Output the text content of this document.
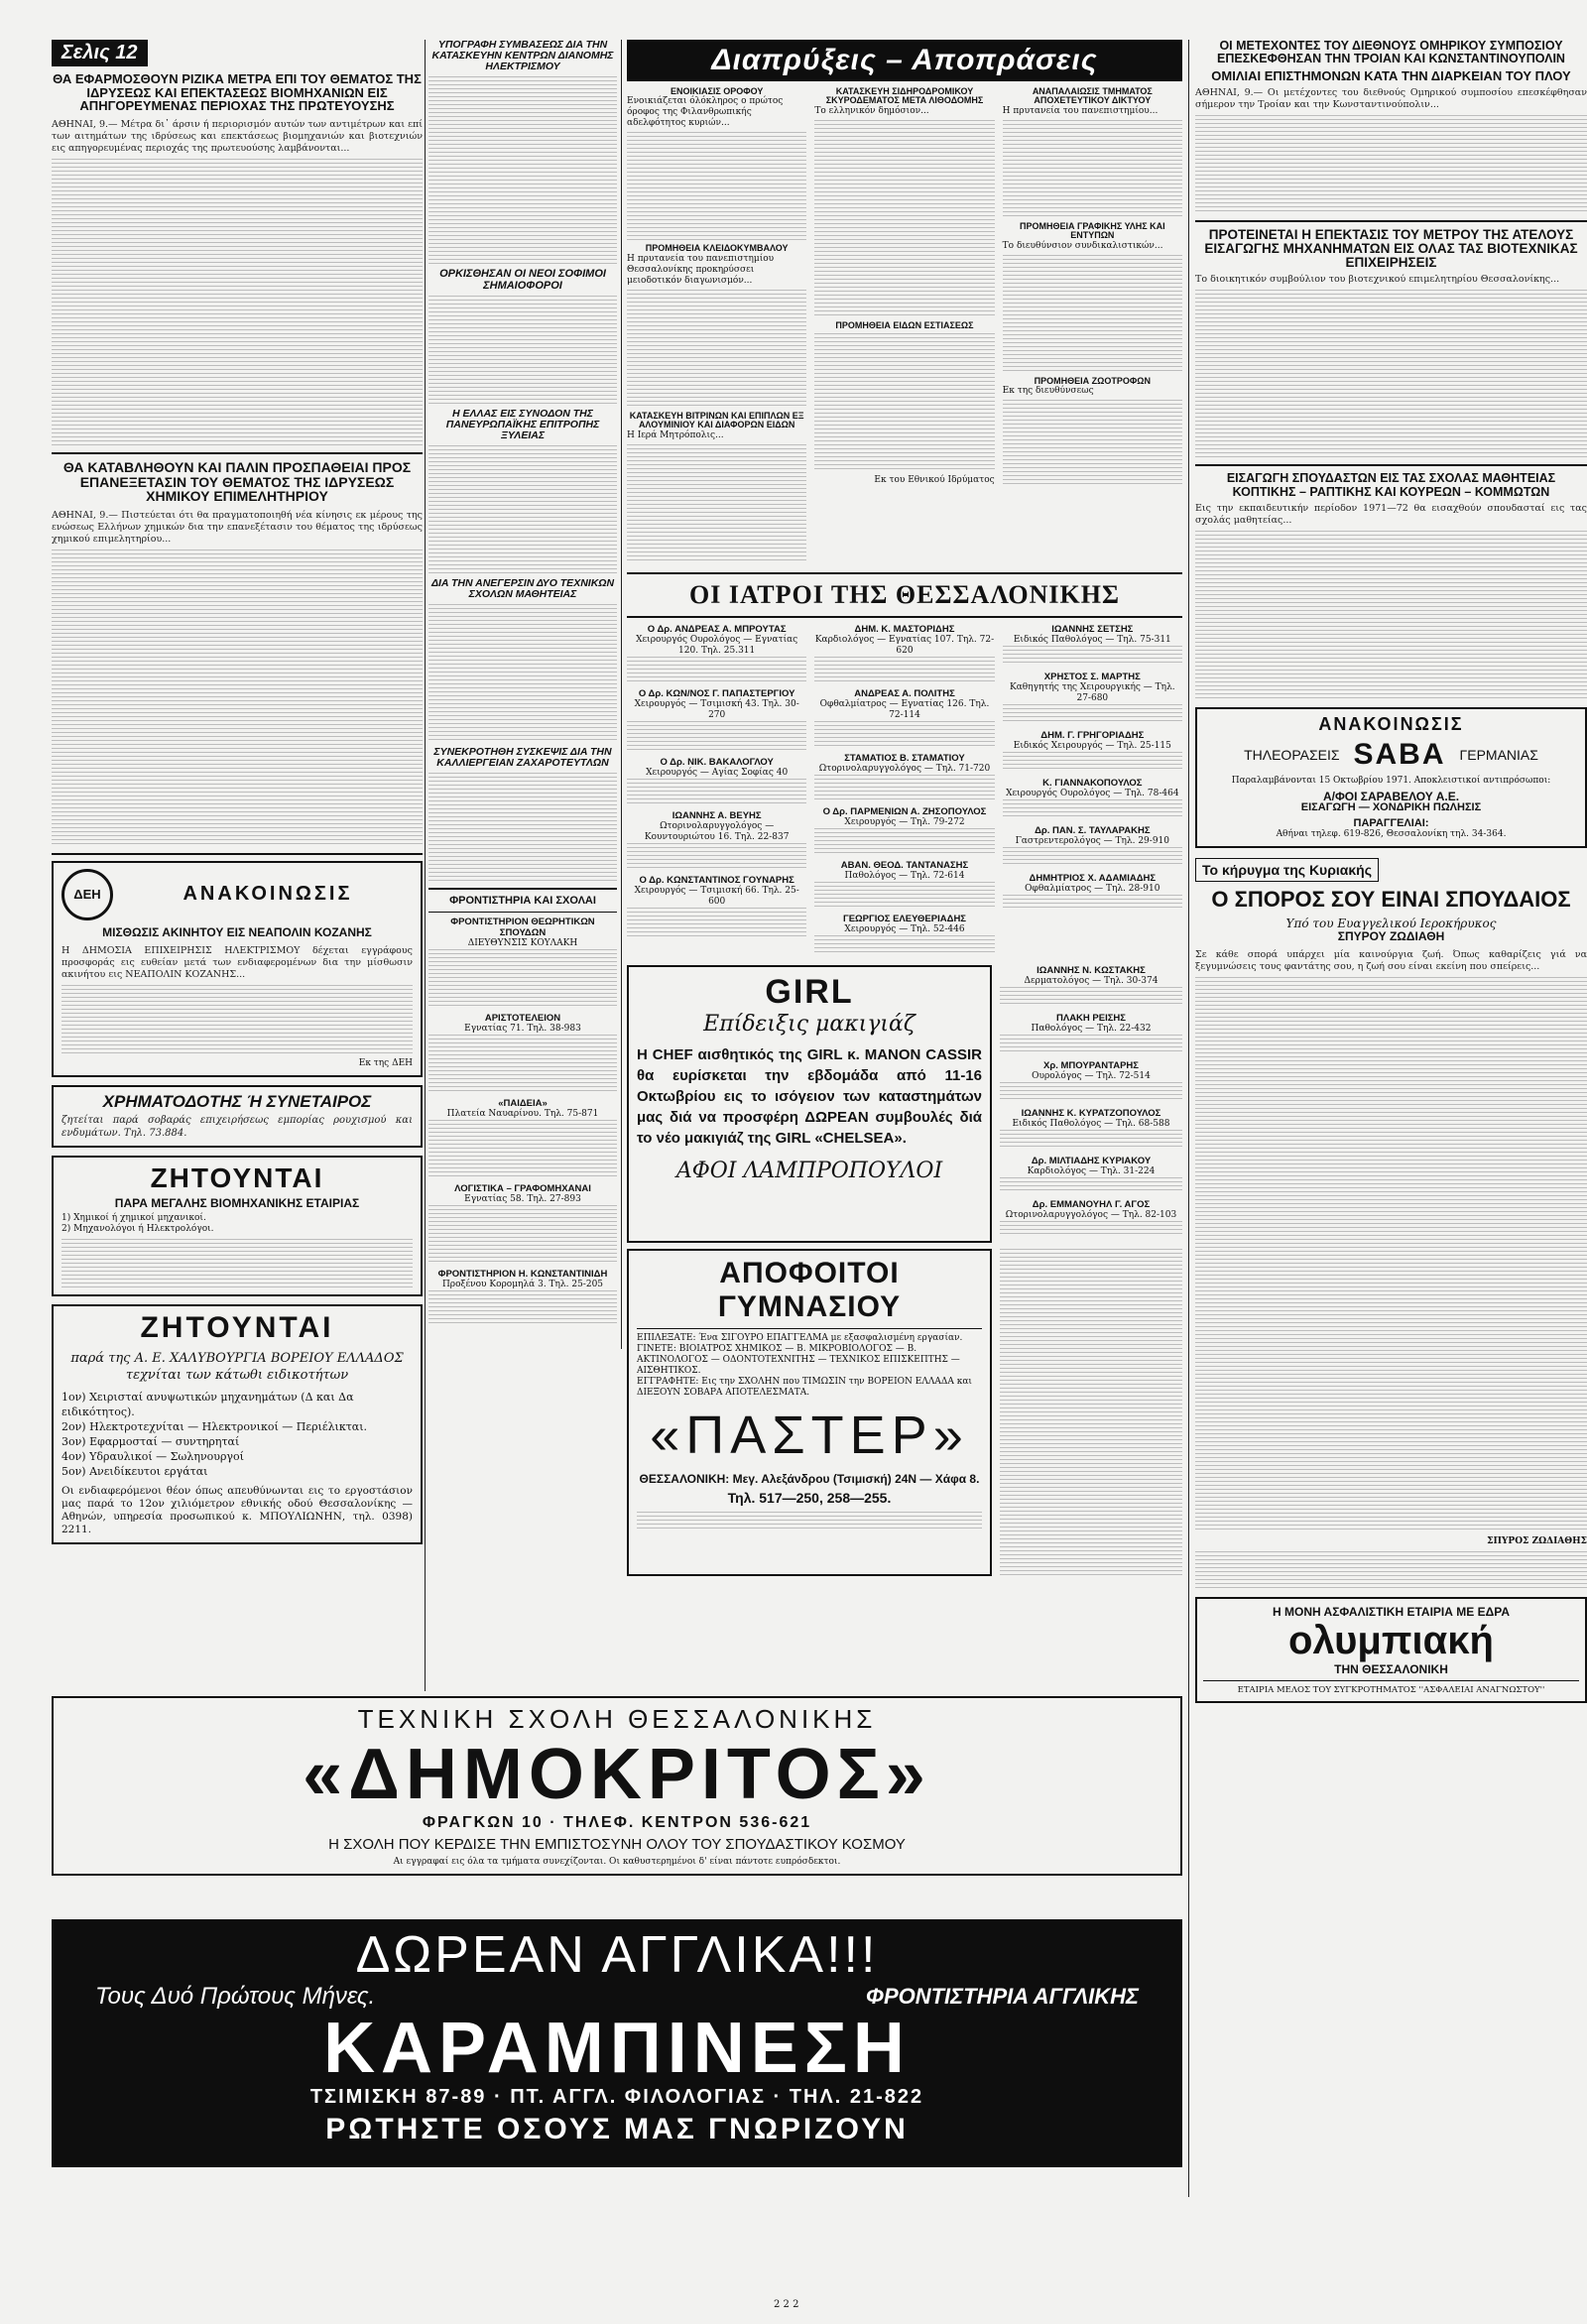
Σελις 12
ΘΑ ΕΦΑΡΜΟΣΘΟΥΝ ΡΙΖΙΚΑ ΜΕΤΡΑ ΕΠΙ ΤΟΥ ΘΕΜΑΤΟΣ ΤΗΣ ΙΔΡΥΣΕΩΣ ΚΑΙ ΕΠΕΚΤΑΣΕΩΣ ΒΙΟΜΗΧΑΝΙΩΝ ΕΙΣ ΑΠΗΓΟΡΕΥΜΕΝΑΣ ΠΕΡΙΟΧΑΣ ΤΗΣ ΠΡΩΤΕΥΟΥΣΗΣ
ΑΘΗΝΑΙ, 9.— Μέτρα δι᾽ άρσιν ή περιορισμόν αυτών των αντιμέτρων και επί των αιτημάτων της ιδρύσεως και επεκτάσεως βιομηχανιών και βιοτεχνιών εις απηγορευμένας περιοχάς της πρωτευούσης λαμβάνονται...
ΘΑ ΚΑΤΑΒΛΗΘΟΥΝ ΚΑΙ ΠΑΛΙΝ ΠΡΟΣΠΑΘΕΙΑΙ ΠΡΟΣ ΕΠΑΝΕΞΕΤΑΣΙΝ ΤΟΥ ΘΕΜΑΤΟΣ ΤΗΣ ΙΔΡΥΣΕΩΣ ΧΗΜΙΚΟΥ ΕΠΙΜΕΛΗΤΗΡΙΟΥ
ΑΘΗΝΑΙ, 9.— Πιστεύεται ότι θα πραγματοποιηθή νέα κίνησις εκ μέρους της ενώσεως Ελλήνων χημικών δια την επανεξέτασιν του θέματος της ιδρύσεως χημικού επιμελητηρίου...
ΔΕΗ	ΑΝΑΚΟΙΝΩΣΙΣ
ΜΙΣΘΩΣΙΣ ΑΚΙΝΗΤΟΥ ΕΙΣ ΝΕΑΠΟΛΙΝ ΚΟΖΑΝΗΣ
Η ΔΗΜΟΣΙΑ ΕΠΙΧΕΙΡΗΣΙΣ ΗΛΕΚΤΡΙΣΜΟΥ δέχεται εγγράφους προσφοράς εις ευθείαν μετά των ενδιαφερομένων δια την μίσθωσιν ακινήτου εις ΝΕΑΠΟΛΙΝ ΚΟΖΑΝΗΣ...
Εκ της ΔΕΗ
ΧΡΗΜΑΤΟΔΟΤΗΣ Ή ΣΥΝΕΤΑΙΡΟΣ
ζητείται παρά σοβαράς επιχειρήσεως εμπορίας ρουχισμού και ενδυμάτων. Τηλ. 73.884.
ΖΗΤΟΥΝΤΑΙ
ΠΑΡΑ ΜΕΓΑΛΗΣ ΒΙΟΜΗΧΑΝΙΚΗΣ ΕΤΑΙΡΙΑΣ
1) Χημικοί ή χημικοί μηχανικοί.
2) Μηχανολόγοι ή Ηλεκτρολόγοι.
ΖΗΤΟΥΝΤΑΙ
παρά της Α. Ε. ΧΑΛΥΒΟΥΡΓΙΑ ΒΟΡΕΙΟΥ ΕΛΛΑΔΟΣ τεχνίται των κάτωθι ειδικοτήτων
1ον) Χειρισταί ανυψωτικών μηχανημάτων (Δ και Δα ειδικότητος).
2ον) Ηλεκτροτεχνίται — Ηλεκτρονικοί — Περιέλικται.
3ον) Εφαρμοσταί — συντηρηταί
4ον) Υδραυλικοί — Σωληνουργοί
5ον) Ανειδίκευτοι εργάται
Οι ενδιαφερόμενοι θέον όπως απευθύνωνται εις το εργοστάσιον μας παρά το 12ον χιλιόμετρον εθνικής οδού Θεσσαλονίκης — Αθηνών, υπηρεσία προσωπικού κ. ΜΠΟΥΛΙΩΝΗΝ, τηλ. 0398) 2211.
ΥΠΟΓΡΑΦΗ ΣΥΜΒΑΣΕΩΣ ΔΙΑ ΤΗΝ ΚΑΤΑΣΚΕΥΗΝ ΚΕΝΤΡΩΝ ΔΙΑΝΟΜΗΣ ΗΛΕΚΤΡΙΣΜΟΥ
ΟΡΚΙΣΘΗΣΑΝ ΟΙ ΝΕΟΙ ΣΟΦΙΜΟΙ ΣΗΜΑΙΟΦΟΡΟΙ
Η ΕΛΛΑΣ ΕΙΣ ΣΥΝΟΔΟΝ ΤΗΣ ΠΑΝΕΥΡΩΠΑΪΚΗΣ ΕΠΙΤΡΟΠΗΣ ΞΥΛΕΙΑΣ
ΔΙΑ ΤΗΝ ΑΝΕΓΕΡΣΙΝ ΔΥΟ ΤΕΧΝΙΚΩΝ ΣΧΟΛΩΝ ΜΑΘΗΤΕΙΑΣ
ΣΥΝΕΚΡΟΤΗΘΗ ΣΥΣΚΕΨΙΣ ΔΙΑ ΤΗΝ ΚΑΛΛΙΕΡΓΕΙΑΝ ΖΑΧΑΡΟΤΕΥΤΛΩΝ
ΦΡΟΝΤΙΣΤΗΡΙΑ ΚΑΙ ΣΧΟΛΑΙ
ΦΡΟΝΤΙΣΤΗΡΙΟΝ ΘΕΩΡΗΤΙΚΩΝ ΣΠΟΥΔΩΝ
ΔΙΕΥΘΥΝΣΙΣ ΚΟΥΛΑΚΗ
ΑΡΙΣΤΟΤΕΛΕΙΟΝ
Εγνατίας 71. Τηλ. 38-983
«ΠΑΙΔΕΙΑ»
Πλατεία Ναυαρίνου. Τηλ. 75-871
ΛΟΓΙΣΤΙΚΑ – ΓΡΑΦΟΜΗΧΑΝΑΙ
Εγνατίας 58. Τηλ. 27-893
ΦΡΟΝΤΙΣΤΗΡΙΟΝ Η. ΚΩΝΣΤΑΝΤΙΝΙΔΗ
Προξένου Κορομηλά 3. Τηλ. 25-205
Διαπρύξεις – Αποπράσεις
ΕΝΟΙΚΙΑΣΙΣ ΟΡΟΦΟΥ
Ενοικιάζεται όλόκληρος ο πρώτος όροφος της Φιλανθρωπικής αδελφότητος κυριών...
ΠΡΟΜΗΘΕΙΑ ΚΛΕΙΔΟΚΥΜΒΑΛΟΥ
Η πρυτανεία του πανεπιστημίου Θεσσαλονίκης προκηρύσσει μειοδοτικόν διαγωνισμόν...
ΚΑΤΑΣΚΕΥΗ ΒΙΤΡΙΝΩΝ ΚΑΙ ΕΠΙΠΛΩΝ ΕΞ ΑΛΟΥΜΙΝΙΟΥ ΚΑΙ ΔΙΑΦΟΡΩΝ ΕΙΔΩΝ
Η Ιερά Μητρόπολις...
ΚΑΤΑΣΚΕΥΗ ΣΙΔΗΡΟΔΡΟΜΙΚΟΥ ΣΚΥΡΟΔΕΜΑΤΟΣ ΜΕΤΑ ΛΙΘΟΔΟΜΗΣ
Το ελληνικόν δημόσιον...
ΠΡΟΜΗΘΕΙΑ ΕΙΔΩΝ ΕΣΤΙΑΣΕΩΣ
Εκ του Εθνικού Ιδρύματος
ΑΝΑΠΑΛΑΙΩΣΙΣ ΤΜΗΜΑΤΟΣ ΑΠΟΧΕΤΕΥΤΙΚΟΥ ΔΙΚΤΥΟΥ
Η πρυτανεία του πανεπιστημίου...
ΠΡΟΜΗΘΕΙΑ ΓΡΑΦΙΚΗΣ ΥΛΗΣ ΚΑΙ ΕΝΤΥΠΩΝ
Το διευθύνσιον συνδικαλιστικών...
ΠΡΟΜΗΘΕΙΑ ΖΩΟΤΡΟΦΩΝ
Εκ της διευθύνσεως
ΟΙ ΙΑΤΡΟΙ ΤΗΣ ΘΕΣΣΑΛΟΝΙΚΗΣ
Ο Δρ. ΑΝΔΡΕΑΣ Α. ΜΠΡΟΥΤΑΣ
Χειρουργός Ουρολόγος — Εγνατίας 120. Τηλ. 25.311
Ο Δρ. ΚΩΝ/ΝΟΣ Γ. ΠΑΠΑΣΤΕΡΓΙΟΥ
Χειρουργός — Τσιμισκή 43. Τηλ. 30-270
Ο Δρ. ΝΙΚ. ΒΑΚΑΛΟΓΛΟΥ
Χειρουργός — Αγίας Σοφίας 40
ΙΩΑΝΝΗΣ Α. ΒΕΥΗΣ
Ωτορινολαρυγγολόγος — Κουντουριώτου 16. Τηλ. 22-837
Ο Δρ. ΚΩΝΣΤΑΝΤΙΝΟΣ ΓΟΥΝΑΡΗΣ
Χειρουργός — Τσιμισκή 66. Τηλ. 25-600
ΔΗΜ. Κ. ΜΑΣΤΟΡΙΔΗΣ
Καρδιολόγος — Εγνατίας 107. Τηλ. 72-620
ΑΝΔΡΕΑΣ Α. ΠΟΛΙΤΗΣ
Οφθαλμίατρος — Εγνατίας 126. Τηλ. 72-114
ΣΤΑΜΑΤΙΟΣ Β. ΣΤΑΜΑΤΙΟΥ
Ωτορινολαρυγγολόγος — Τηλ. 71-720
Ο Δρ. ΠΑΡΜΕΝΙΩΝ Α. ΖΗΣΟΠΟΥΛΟΣ
Χειρουργός — Τηλ. 79-272
ΑΒΑΝ. ΘΕΟΔ. ΤΑΝΤΑΝΑΣΗΣ
Παθολόγος — Τηλ. 72-614
ΓΕΩΡΓΙΟΣ ΕΛΕΥΘΕΡΙΑΔΗΣ
Χειρουργός — Τηλ. 52-446
ΙΩΑΝΝΗΣ ΣΕΤΣΗΣ
Ειδικός Παθολόγος — Τηλ. 75-311
ΧΡΗΣΤΟΣ Σ. ΜΑΡΤΗΣ
Καθηγητής της Χειρουργικής — Τηλ. 27-680
ΔΗΜ. Γ. ΓΡΗΓΟΡΙΑΔΗΣ
Ειδικός Χειρουργός — Τηλ. 25-115
Κ. ΓΙΑΝΝΑΚΟΠΟΥΛΟΣ
Χειρουργός Ουρολόγος — Τηλ. 78-464
Δρ. ΠΑΝ. Σ. ΤΑΥΛΑΡΑΚΗΣ
Γαστρεντερολόγος — Τηλ. 29-910
ΔΗΜΗΤΡΙΟΣ Χ. ΑΔΑΜΙΑΔΗΣ
Οφθαλμίατρος — Τηλ. 28-910
GIRL
Επίδειξις μακιγιάζ
Η CHEF αισθητικός της GIRL κ. MANON CASSIR θα ευρίσκεται την εβδομάδα από 11-16 Οκτωβρίου εις το ισόγειον των καταστημάτων μας διά να προσφέρη ΔΩΡΕΑΝ συμβουλές διά το νέο μακιγιάζ της GIRL «CHELSEA».
ΑΦΟΙ ΛΑΜΠΡΟΠΟΥΛΟΙ
ΙΩΑΝΝΗΣ Ν. ΚΩΣΤΑΚΗΣ
Δερματολόγος — Τηλ. 30-374
ΠΛΑΚΗ ΡΕΙΣΗΣ
Παθολόγος — Τηλ. 22-432
Χρ. ΜΠΟΥΡΑΝΤΑΡΗΣ
Ουρολόγος — Τηλ. 72-514
ΙΩΑΝΝΗΣ Κ. ΚΥΡΑΤΖΟΠΟΥΛΟΣ
Ειδικός Παθολόγος — Τηλ. 68-588
Δρ. ΜΙΛΤΙΑΔΗΣ ΚΥΡΙΑΚΟΥ
Καρδιολόγος — Τηλ. 31-224
Δρ. ΕΜΜΑΝΟΥΗΛ Γ. ΑΓΟΣ
Ωτορινολαρυγγολόγος — Τηλ. 82-103
ΑΠΟΦΟΙΤΟΙ ΓΥΜΝΑΣΙΟΥ
ΕΠΙΛΕΞΑΤΕ: Ένα ΣΙΓΟΥΡΟ ΕΠΑΓΓΕΛΜΑ με εξασφαλισμένη εργασίαν.
ΓΙΝΕΤΕ: ΒΙΟΙΑΤΡΟΣ ΧΗΜΙΚΟΣ — Β. ΜΙΚΡΟΒΙΟΛΟΓΟΣ — Β. ΑΚΤΙΝΟΛΟΓΟΣ — ΟΔΟΝΤΟΤΕΧΝΙΤΗΣ — ΤΕΧΝΙΚΟΣ ΕΠΙΣΚΕΠΤΗΣ — ΑΙΣΘΗΤΙΚΟΣ.
ΕΓΓΡΑΦΗΤΕ: Εις την ΣΧΟΛΗΝ που ΤΙΜΩΣΙΝ την ΒΟΡΕΙΟΝ ΕΛΛΑΔΑ και ΔΙΕΞΟΥΝ ΣΟΒΑΡΑ ΑΠΟΤΕΛΕΣΜΑΤΑ.
«ΠΑΣΤΕΡ»
ΘΕΣΣΑΛΟΝΙΚΗ: Μεγ. Αλεξάνδρου (Τσιμισκή) 24Ν — Χάφα 8.
Τηλ. 517—250, 258—255.
ΟΙ ΜΕΤΕΧΟΝΤΕΣ ΤΟΥ ΔΙΕΘΝΟΥΣ ΟΜΗΡΙΚΟΥ ΣΥΜΠΟΣΙΟΥ ΕΠΕΣΚΕΦΘΗΣΑΝ ΤΗΝ ΤΡΟΙΑΝ ΚΑΙ ΚΩΝΣΤΑΝΤΙΝΟΥΠΟΛΙΝ
ΟΜΙΛΙΑΙ ΕΠΙΣΤΗΜΟΝΩΝ ΚΑΤΑ ΤΗΝ ΔΙΑΡΚΕΙΑΝ ΤΟΥ ΠΛΟΥ
ΑΘΗΝΑΙ, 9.— Οι μετέχοντες του διεθνούς Ομηρικού συμποσίου επεσκέφθησαν σήμερον την Τροίαν και την Κωνσταντινούπολιν...
ΠΡΟΤΕΙΝΕΤΑΙ Η ΕΠΕΚΤΑΣΙΣ ΤΟΥ ΜΕΤΡΟΥ ΤΗΣ ΑΤΕΛΟΥΣ ΕΙΣΑΓΩΓΗΣ ΜΗΧΑΝΗΜΑΤΩΝ ΕΙΣ ΟΛΑΣ ΤΑΣ ΒΙΟΤΕΧΝΙΚΑΣ ΕΠΙΧΕΙΡΗΣΕΙΣ
Το διοικητικόν συμβούλιον του βιοτεχνικού επιμελητηρίου Θεσσαλονίκης...
ΕΙΣΑΓΩΓΗ ΣΠΟΥΔΑΣΤΩΝ ΕΙΣ ΤΑΣ ΣΧΟΛΑΣ ΜΑΘΗΤΕΙΑΣ ΚΟΠΤΙΚΗΣ – ΡΑΠΤΙΚΗΣ ΚΑΙ ΚΟΥΡΕΩΝ – ΚΟΜΜΩΤΩΝ
Εις την εκπαιδευτικήν περίοδον 1971—72 θα εισαχθούν σπουδασταί εις τας σχολάς μαθητείας...
ΑΝΑΚΟΙΝΩΣΙΣ
ΤΗΛΕΟΡΑΣΕΙΣ SABA ΓΕΡΜΑΝΙΑΣ
Παραλαμβάνονται 15 Οκτωβρίου 1971. Αποκλειστικοί αντιπρόσωποι:
Α/ΦΟΙ ΣΑΡΑΒΕΛΟΥ Α.Ε.
ΕΙΣΑΓΩΓΗ — ΧΟΝΔΡΙΚΗ ΠΩΛΗΣΙΣ
ΠΑΡΑΓΓΕΛΙΑΙ:
Αθήναι τηλεφ. 619-826, Θεσσαλονίκη τηλ. 34-364.
Το κήρυγμα της Κυριακής
Ο ΣΠΟΡΟΣ ΣΟΥ ΕΙΝΑΙ ΣΠΟΥΔΑΙΟΣ
Υπό του Ευαγγελικού Ιεροκήρυκος
ΣΠΥΡΟΥ ΖΩΔΙΑΘΗ
Σε κάθε σπορά υπάρχει μία καινούργια ζωή. Όπως καθαρίζεις γιά να ξεγυμνώσεις τους φαντάτης σου, η ζωή σου είναι εκείνη που σπείρεις...
ΣΠΥΡΟΣ ΖΩΔΙΑΘΗΣ
Η ΜΟΝΗ ΑΣΦΑΛΙΣΤΙΚΗ ΕΤΑΙΡΙΑ ΜΕ ΕΔΡΑ
ολυμπιακή
ΤΗΝ ΘΕΣΣΑΛΟΝΙΚΗ
ΕΤΑΙΡΙΑ ΜΕΛΟΣ ΤΟΥ ΣΥΓΚΡΟΤΗΜΑΤΟΣ ''ΑΣΦΑΛΕΙΑΙ ΑΝΑΓΝΩΣΤΟΥ''
ΤΕΧΝΙΚΗ ΣΧΟΛΗ ΘΕΣΣΑΛΟΝΙΚΗΣ
«ΔΗΜΟΚΡΙΤΟΣ»
ΦΡΑΓΚΩΝ 10 · ΤΗΛΕΦ. ΚΕΝΤΡΟΝ 536-621
Η ΣΧΟΛΗ ΠΟΥ ΚΕΡΔΙΣΕ ΤΗΝ ΕΜΠΙΣΤΟΣΥΝΗ ΟΛΟΥ ΤΟΥ ΣΠΟΥΔΑΣΤΙΚΟΥ ΚΟΣΜΟΥ
Αι εγγραφαί εις όλα τα τμήματα συνεχίζονται. Οι καθυστερημένοι δ' είναι πάντοτε ευπρόσδεκτοι.
ΔΩΡΕΑΝ ΑΓΓΛΙΚΑ!!!
Τους Δυό Πρώτους Μήνες.	ΦΡΟΝΤΙΣΤΗΡΙΑ ΑΓΓΛΙΚΗΣ
ΚΑΡΑΜΠΙΝΕΣΗ
ΤΣΙΜΙΣΚΗ 87-89 · ΠΤ. ΑΓΓΛ. ΦΙΛΟΛΟΓΙΑΣ · ΤΗΛ. 21-822
ΡΩΤΗΣΤΕ ΟΣΟΥΣ ΜΑΣ ΓΝΩΡΙΖΟΥΝ
2 2 2
